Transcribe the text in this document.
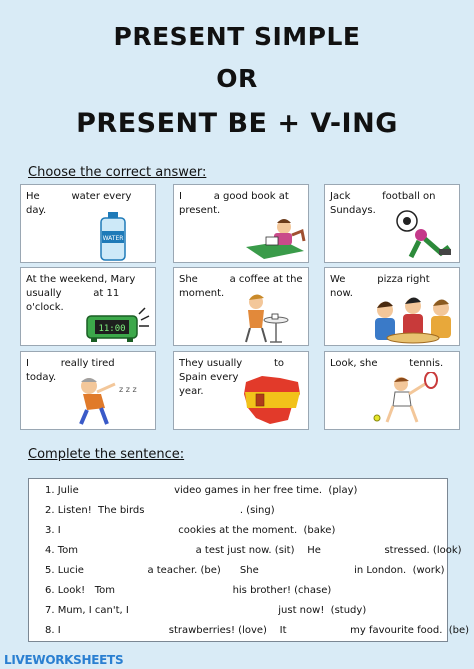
PRESENT SIMPLE
OR
PRESENT BE + V-ING
Choose the correct answer:
He          water every
day.
WATER
I          a good book at
present.
Jack          football on
Sundays.
At the weekend, Mary
usually          at 11
o'clock.
11:00
She          a coffee at the
moment.
We          pizza right
now.
I          really tired
today.
z z z
They usually          to
Spain every
year.
Look, she          tennis.
Complete the sentence:
1. Julie                              video games in her free time.  (play)
2. Listen!  The birds                              . (sing)
3. I                                     cookies at the moment.  (bake)
4. Tom                                     a test just now. (sit)    He                    stressed. (look)
5. Lucie                    a teacher. (be)      She                              in London.  (work)
6. Look!   Tom                                     his brother! (chase)
7. Mum, I can't, I                                               just now!  (study)
8. I                                  strawberries! (love)    It                    my favourite food.  (be)
LIVEWORKSHEETS
